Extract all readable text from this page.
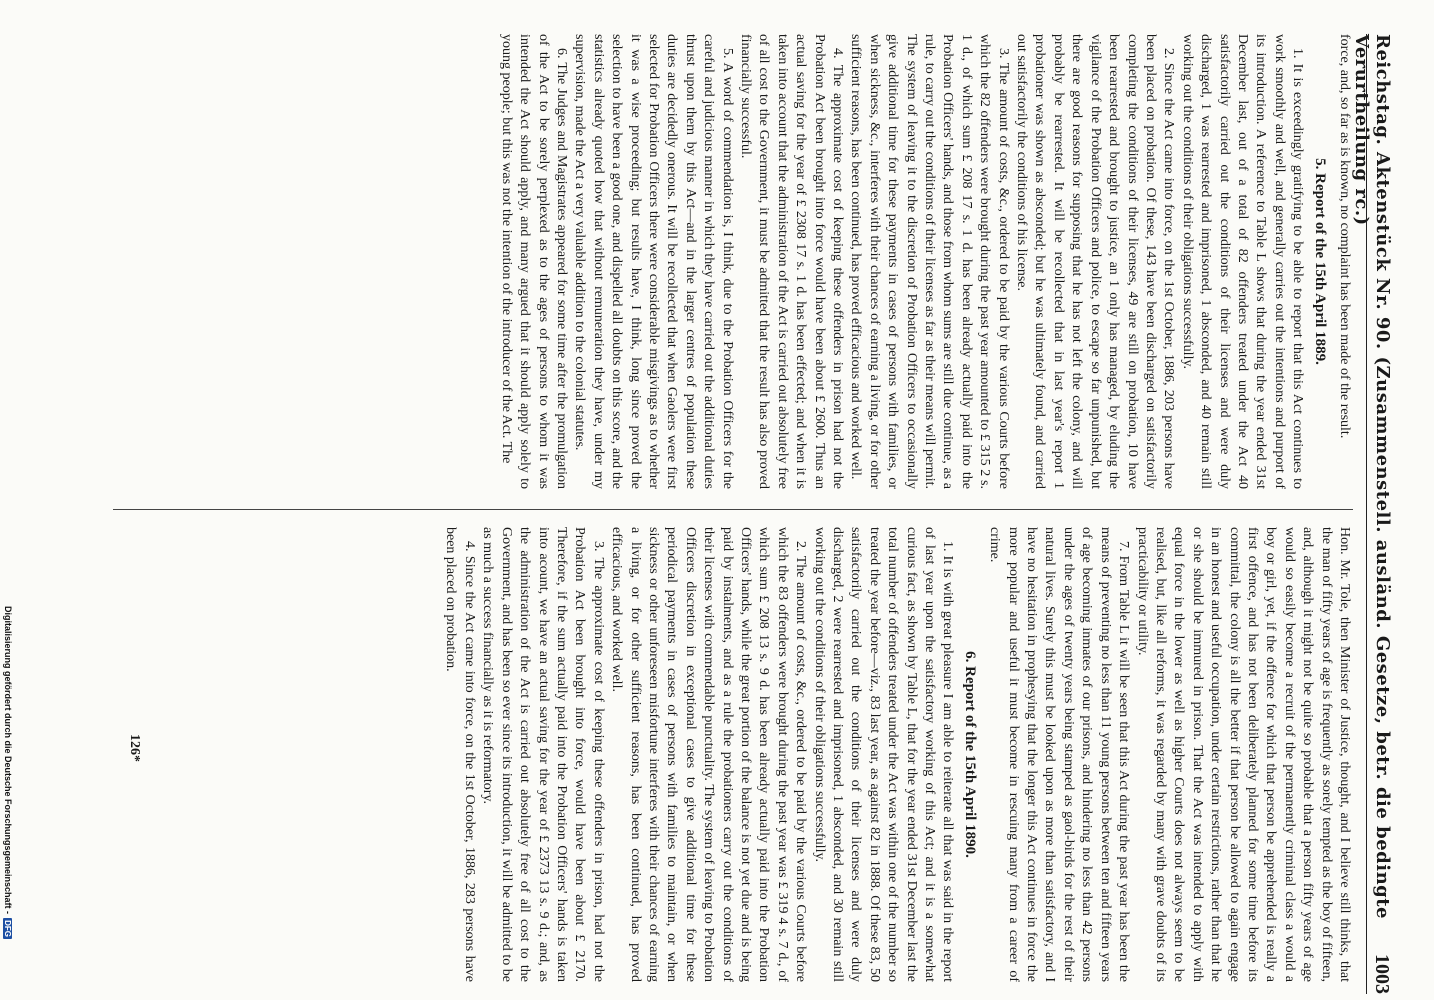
Reichstag. Aktenstück Nr. 90. (Zusammenstell. ausländ. Gesetze, betr. die bedingte Verurtheilung rc.)
1003

force, and, so far as is known, no complaint has been made of the result.

5. Report of the 15th April 1889.

1. It is exceedingly gratifying to be able to report that this Act continues to work smoothly and well, and generally carries out the intentions and purport of its introduction. A reference to Table L shows that during the year ended 31st December last, out of a total of 82 offenders treated under the Act 40 satisfactorily carried out the conditions of their licenses and were duly discharged, 1 was rearrested and imprisoned, 1 absconded, and 40 remain still working out the conditions of their obligations successfully.

2. Since the Act came into force, on the 1st October, 1886, 203 persons have been placed on probation. Of these, 143 have been discharged on satisfactorily completing the conditions of their licenses, 49 are still on probation, 10 have been rearrested and brought to justice, an 1 only has managed, by eluding the vigilance of the Probation Officers and police, to escape so far unpunished, but there are good reasons for supposing that he has not left the colony, and will probably be rearrested. It will be recollected that in last year's report 1 probationer was shown as absconded; but he was ultimately found, and carried out satisfactorily the conditions of his license.

3. The amount of costs, &c., ordered to be paid by the various Courts before which the 82 offenders were brought during the past year amounted to £ 315 2 s. 1 d., of which sum £ 208 17 s. 1 d. has been already actually paid into the Probation Officers' hands, and those from whom sums are still due continue, as a rule, to carry out the conditions of their licenses as far as their means will permit. The system of leaving it to the discretion of Probation Officers to occasionally give additional time for these payments in cases of persons with families, or when sickness, &c., interferes with their chances of earning a living, or for other sufficient reasons, has been continued, has proved efficacious and worked well.

4. The approximate cost of keeping these offenders in prison had not the Probation Act been brought into force would have been about £ 2600. Thus an actual saving for the year of £ 2308 17 s. 1 d. has been effected; and when it is taken into account that the administration of the Act is carried out absolutely free of all cost to the Government, it must be admitted that the result has also proved financially successful.

5. A word of commendation is, I think, due to the Probation Officers for the careful and judicious manner in which they have carried out the additional duties thrust upon them by this Act—and in the larger centres of population these duties are decidedly onerous. It will be recollected that when Gaolers were first selected for Probation Officers there were considerable misgivings as to whether it was a wise proceeding; but results have, I think, long since proved the selection to have been a good one, and dispelled all doubts on this score, and the statistics already quoted how that without remuneration they have, under my supervision, made the Act a very valuable addition to the colonial statutes.

6. The Judges and Magistrates appeared for some time after the promulgation of the Act to be sorely perplexed as to the ages of persons to whom it was intended the Act should apply, and many argued that it should apply solely to young people; but this was not the intention of the introducer of the Act. The

Hon. Mr. Tole, then Minister of Justice, thought, and I believe still thinks, that the man of fifty years of age is frequently as sorely tempted as the boy of fifteen, and, although it might not be quite so probable that a person fifty years of age would so easily become a recruit of the permanently criminal class a would a boy or girl, yet, if the offence for which that person be apprehended is really a first offence, and has not been deliberately planned for some time before its committal, the colony is all the better if that person be allowed to again engage in an honest and useful occupation, under certain restrictions, rather than that he or she should be immured in prison. That the Act was intended to apply with equal force in the lower as well as higher Courts does not always seem to be realised, but, like all reforms, it was regarded by many with grave doubts of its practicability or utility.

7. From Table L it will be seen that this Act during the past year has been the means of preventing no less than 11 young persons between ten and fifteen years of age becoming inmates of our prisons, and hindering no less than 42 persons under the ages of twenty years being stamped as gaol-birds for the rest of their natural lives. Surely this must be looked upon as more than satisfactory, and I have no hesitation in prophesying that the longer this Act continues in force the more popular and useful it must become in rescuing many from a career of crime.

6. Report of the 15th April 1890.

1. It is with great pleasure I am able to reiterate all that was said in the report of last year upon the satisfactory working of this Act; and it is a somewhat curious fact, as shown by Table L, that for the year ended 31st December last the total number of offenders treated under the Act was within one of the number so treated the year before—viz., 83 last year, as against 82 in 1888. Of these 83, 50 satisfactorily carried out the conditions of their licenses and were duly discharged, 2 were rearrested and imprisoned, 1 absconded, and 30 remain still working out the conditions of their obligations successfully.

2. The amount of costs, &c., ordered to be paid by the various Courts before which the 83 offenders were brought during the past year was £ 319 4 s. 7 d., of which sum £ 208 13 s. 9 d. has been already actually paid into the Probation Officers' hands, while the great portion of the balance is not yet due and is being paid by instalments, and as a rule the probationers carry out the conditions of their licenses with commendable punctuality. The system of leaving to Probation Officers discretion in exceptional cases to give additional time for these periodical payments in cases of persons with families to maintain, or when sickness or other unforeseen misfortune interferes with their chances of earning a living, or for other sufficient reasons, has been continued, has proved efficacious, and worked well.

3. The approximate cost of keeping these offenders in prison, had not the Probation Act been brought into force, would have been about £ 2170. Therefore, if the sum actually paid into the Probation Officers' hands is taken into acount, we have an actual saving for the year of £ 2373 13 s. 9 d.; and, as the administration of the Act is carried out absolutely free of all cost to the Government, and has been so ever since its introduction, it will be admitted to be as much a success financially as it is reformatory.

4. Since the Act came into force, on the 1st October, 1886, 283 persons have been placed on probation.

126*
Digitalisierung gefördert durch die Deutsche Forschungsgemeinschaft -DFG
